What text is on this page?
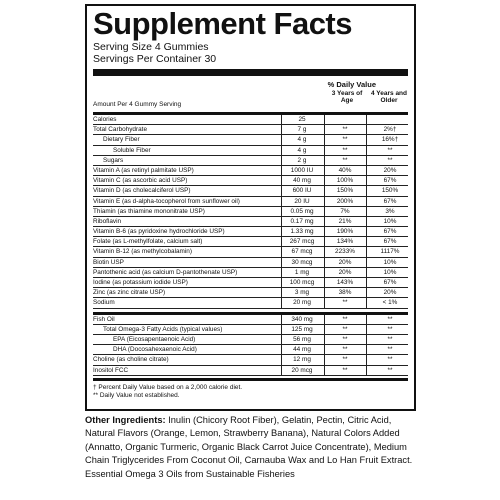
Supplement Facts
Serving Size 4 Gummies
Servings Per Container 30
% Daily Value
3 Years of
Age
4 Years and
Older
Amount Per 4 Gummy Serving
Calories	25
Total Carbohydrate	7 g	**	2%†
Dietary Fiber	4 g	**	16%†
Soluble Fiber	4 g	**	**
Sugars	2 g	**	**
Vitamin A (as retinyl palmitate USP)	1000 IU	40%	20%
Vitamin C (as ascorbic acid USP)	40 mg	100%	67%
Vitamin D (as cholecalciferol USP)	600 IU	150%	150%
Vitamin E (as d-alpha-tocopherol from sunflower oil)	20 IU	200%	67%
Thiamin (as thiamine mononitrate USP)	0.05 mg	7%	3%
Riboflavin	0.17 mg	21%	10%
Vitamin B-6 (as pyridoxine hydrochloride USP)	1.33 mg	190%	67%
Folate (as L-methylfolate, calcium salt)	267 mcg	134%	67%
Vitamin B-12 (as methylcobalamin)	67 mcg	2233%	1117%
Biotin USP	30 mcg	20%	10%
Pantothenic acid (as calcium D-pantothenate USP)	1 mg	20%	10%
Iodine (as potassium iodide USP)	100 mcg	143%	67%
Zinc (as zinc citrate USP)	3 mg	38%	20%
Sodium	20 mg	**	< 1%
Fish Oil	340 mg	**	**
Total Omega-3 Fatty Acids (typical values)	125 mg	**	**
EPA (Eicosapentaenoic Acid)	56 mg	**	**
DHA (Docosahexaenoic Acid)	44 mg	**	**
Choline (as choline citrate)	12 mg	**	**
Inositol FCC	20 mcg	**	**
† Percent Daily Value based on a 2,000 calorie diet.
** Daily Value not established.
Other Ingredients: Inulin (Chicory Root Fiber), Gelatin, Pectin, Citric Acid, Natural Flavors (Orange, Lemon, Strawberry Banana), Natural Colors Added (Annatto, Organic Turmeric, Organic Black Carrot Juice Concentrate), Medium Chain Triglycerides From Coconut Oil, Carnauba Wax and Lo Han Fruit Extract.
Essential Omega 3 Oils from Sustainable Fisheries
